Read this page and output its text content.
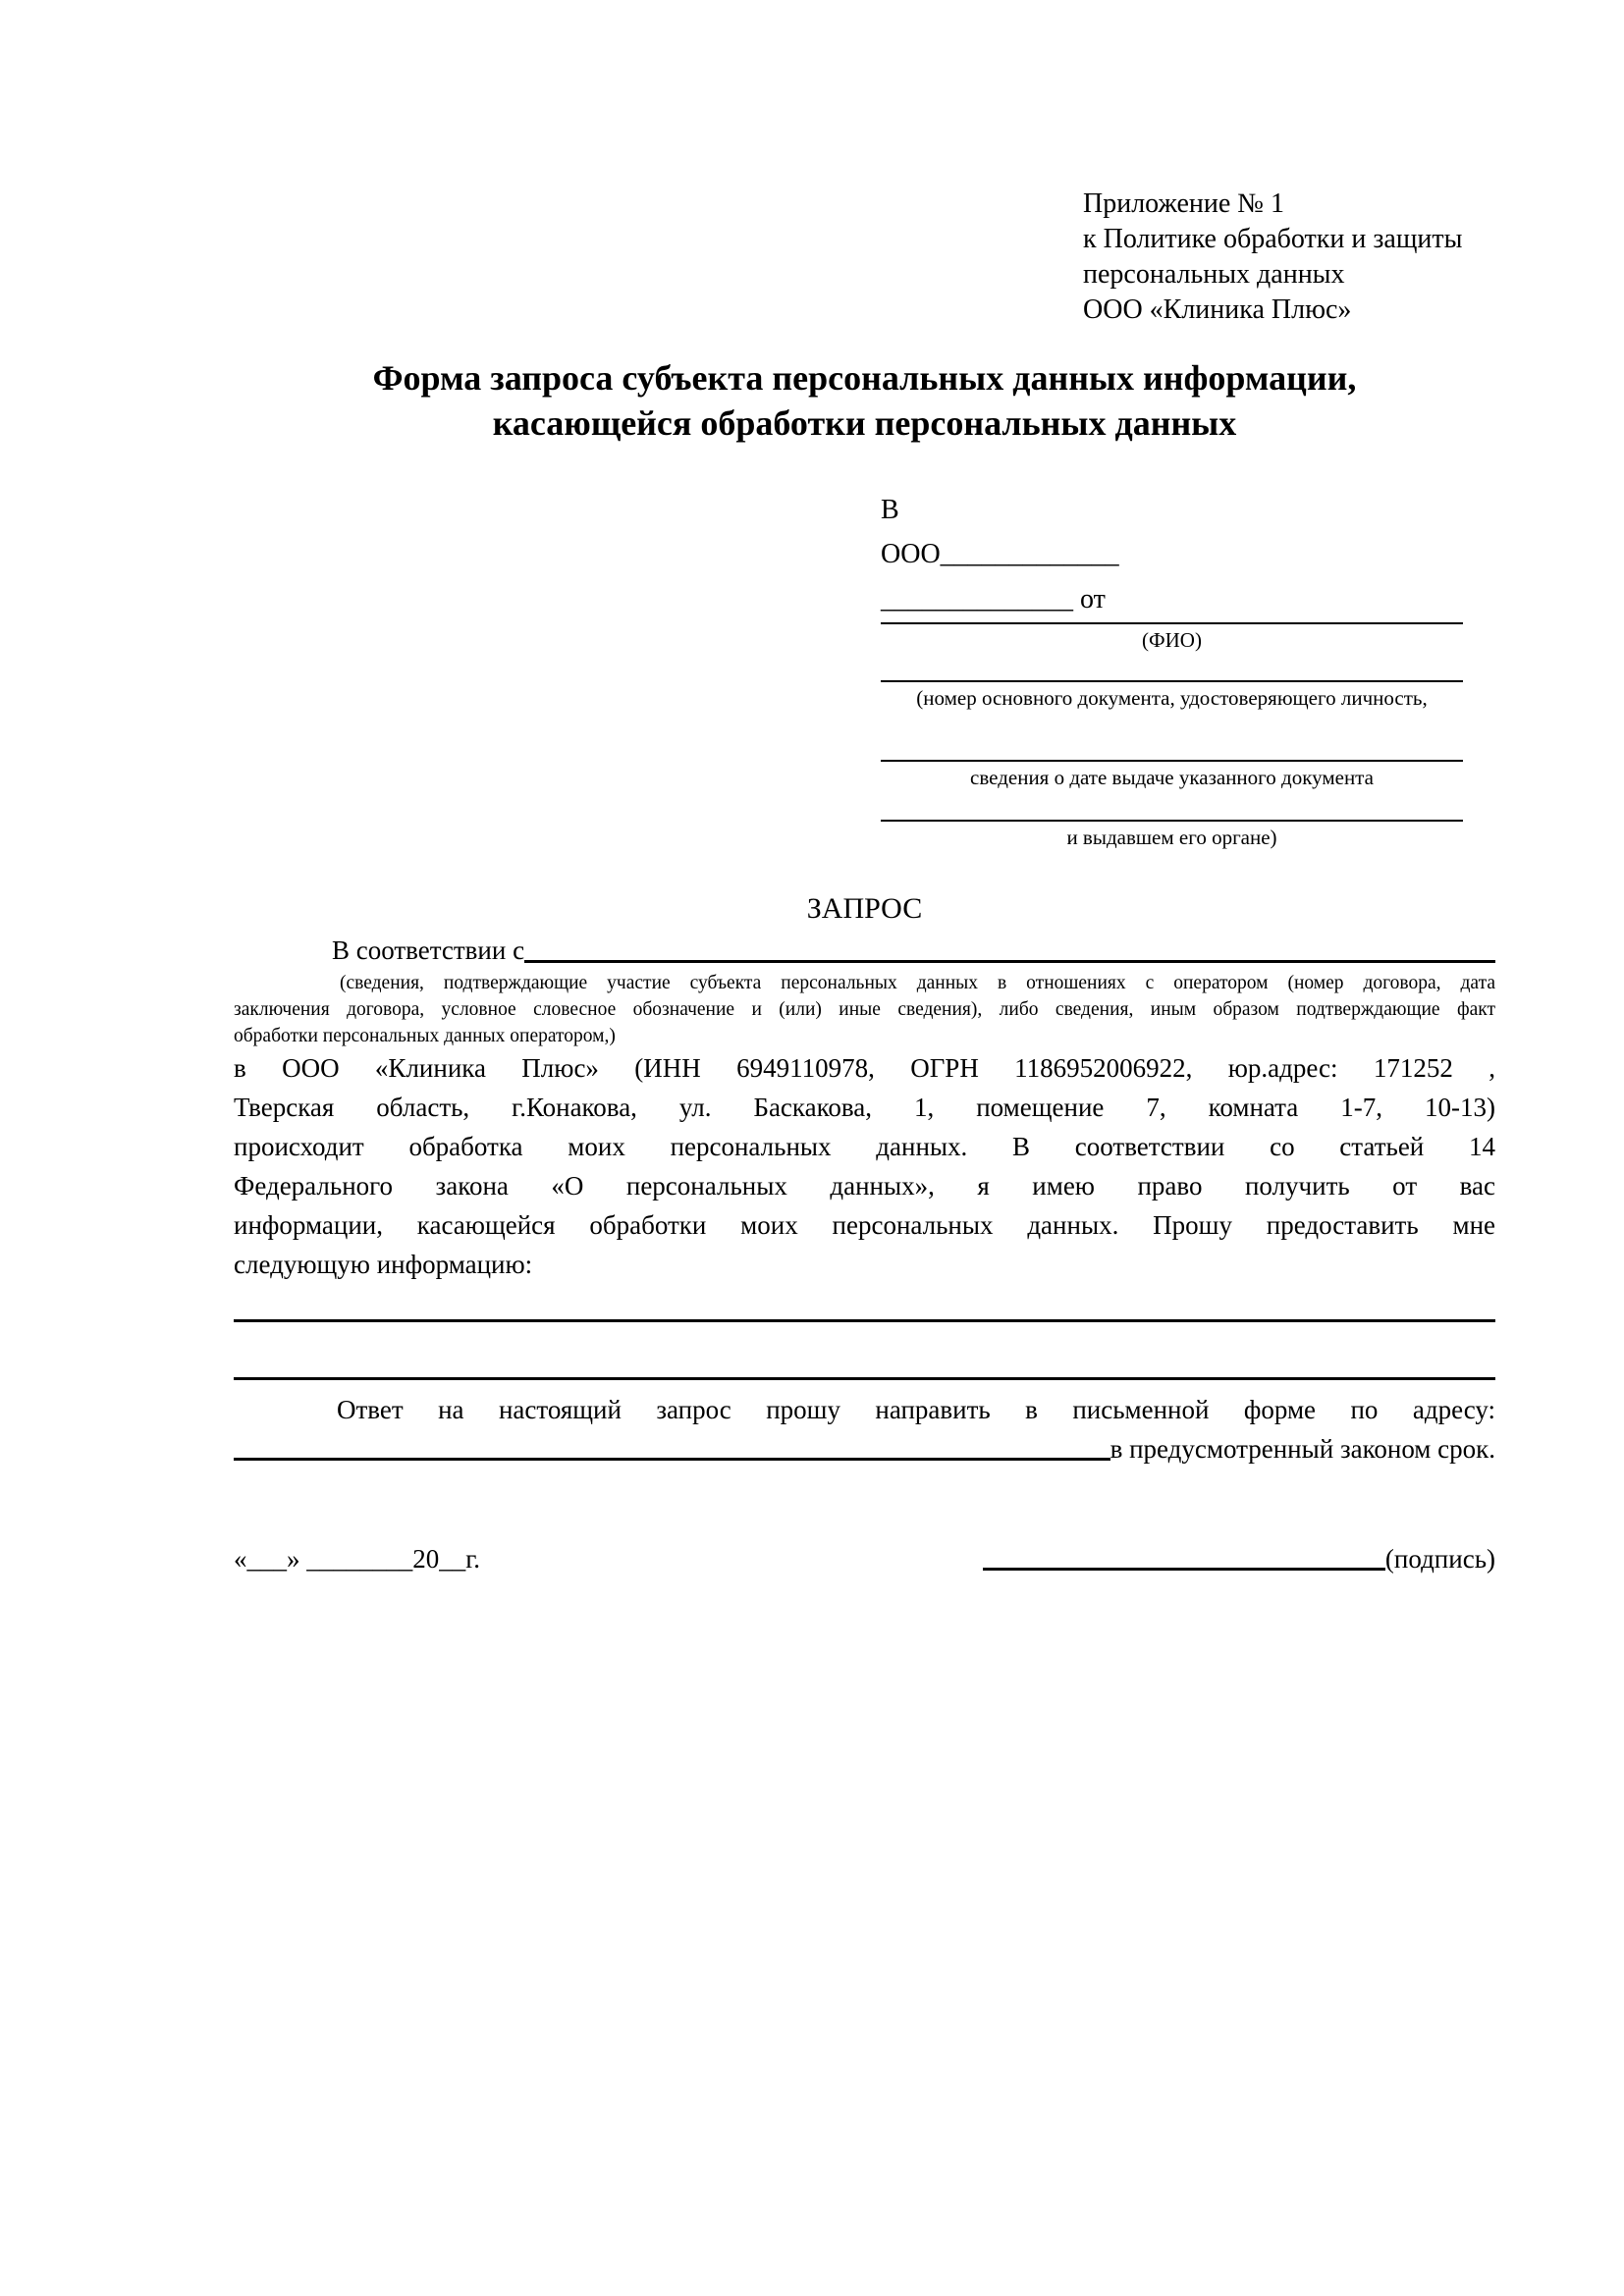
Приложение № 1
к Политике обработки и защиты
персональных данных
ООО «Клиника Плюс»
Форма запроса субъекта персональных данных информации,
касающейся обработки персональных данных
В
ООО_____________
______________ от
(ФИО)
(номер основного документа, удостоверяющего личность,
сведения о дате выдаче указанного документа
и выдавшем его органе)
ЗАПРОС
В соответствии с
(сведения, подтверждающие участие субъекта персональных данных в отношениях с оператором (номер договора, дата
заключения договора, условное словесное обозначение и (или) иные сведения), либо сведения, иным образом подтверждающие факт
обработки персональных данных оператором,)
в ООО «Клиника Плюс» (ИНН 6949110978, ОГРН 1186952006922, юр.адрес: 171252 ,
Тверская область, г.Конакова, ул. Баскакова, 1, помещение 7, комната 1-7, 10-13)
происходит обработка моих персональных данных. В соответствии со статьей 14
Федерального закона «О персональных данных», я имею право получить от вас
информации, касающейся обработки моих персональных данных. Прошу предоставить мне
следующую информацию:
Ответ на настоящий запрос прошу направить в письменной форме по адресу:
в предусмотренный законом срок.
«___» ________20__г.	(подпись)
